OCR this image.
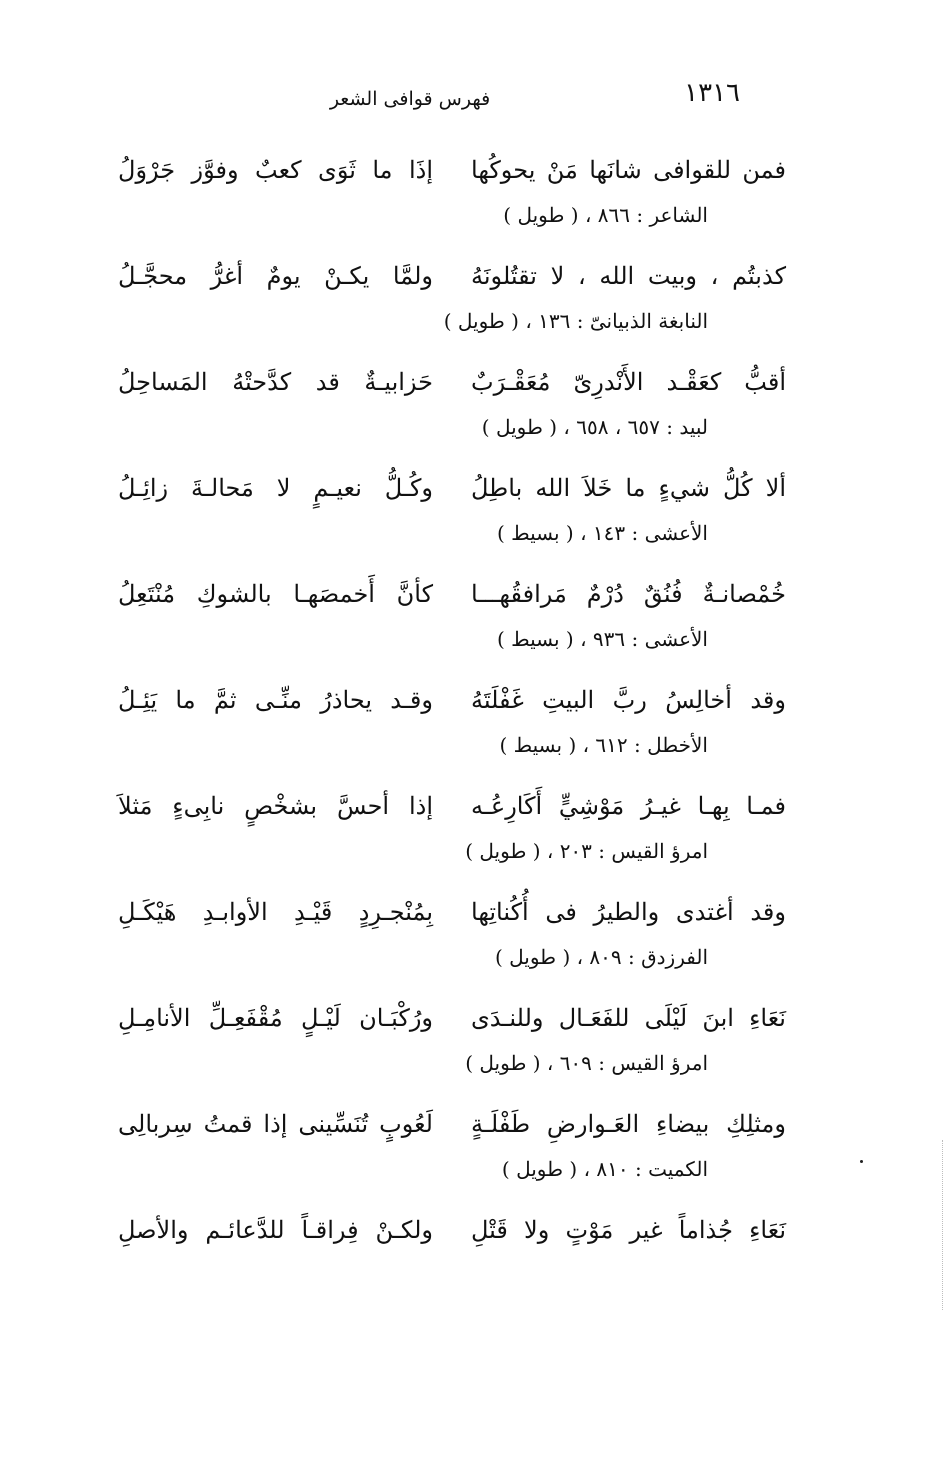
١٣١٦
فهرس قوافى الشعر
فمن للقوافى شانَها مَنْ يحوكُها
إذَا ما ثَوَى كعبٌ وفوَّز جَرْوَلُ
الشاعر : ٨٦٦ ، ( طويل )
كذبتُم ، وبيت الله ، لا تقتُلونَهُ
ولمَّا يكـنْ يومٌ أغرُّ محجَّـلُ
النابغة الذبيانىّ : ١٣٦ ، ( طويل )
أقبُّ كعَقْـد الأَنْدرِىّ مُعَقْـرَبٌ
حَزابيـةٌ قد كدَّحتْهُ المَساحِلُ
لبيد : ٦٥٧ ، ٦٥٨ ، ( طويل )
ألا كُلُّ شيءٍ ما خَلاَ الله باطِلُ
وكُـلُّ نعيـمٍ لا مَحالـةَ زائِـلُ
الأعشى : ١٤٣ ، ( بسيط )
خُمْصانـةٌ فُنُقٌ دُرْمٌ مَرافقُهـــا
كأنَّ أَخمصَهـا بالشوكِ مُنْتَعِلُ
الأعشى : ٩٣٦ ، ( بسيط )
وقد أخالِسُ ربَّ البيتِ غَفْلَتَهُ
وقـد يحاذرُ منِّـى ثمَّ ما يَئِـلُ
الأخطل : ٦١٢ ، ( بسيط )
فمـا بِهـا غيـرُ مَوْشِيٍّ أَكَارِعُـه
إذا أحسَّ بشخْصٍ نابِىءٍ مَثلاَ
امرؤ القيس : ٢٠٣ ، ( طويل )
وقد أغتدى والطيرُ فى أُكُناتِها
بِمُنْجـرِدٍ قَيْـدِ الأوابـدِ هَيْكَـلِ
الفرزدق : ٨٠٩ ، ( طويل )
نَعَاءِ ابنَ لَيْلَى للفَعَـال وللنـدَى
ورُكْبَـان لَيْـلٍ مُقْفَعِـلِّ الأنامِـلِ
امرؤ القيس : ٦٠٩ ، ( طويل )
ومثلِكِ بيضاءِ العَـوارضِ طَفْلَـةٍ
لَعُوبٍ تُنَسِّينى إذا قمتُ سِربالِى
الكميت : ٨١٠ ، ( طويل )
نَعَاءِ جُذاماً غير مَوْتٍ ولا قَتْلِ
ولكـنْ فِراقـاً للدَّعائـم والأصلِ
